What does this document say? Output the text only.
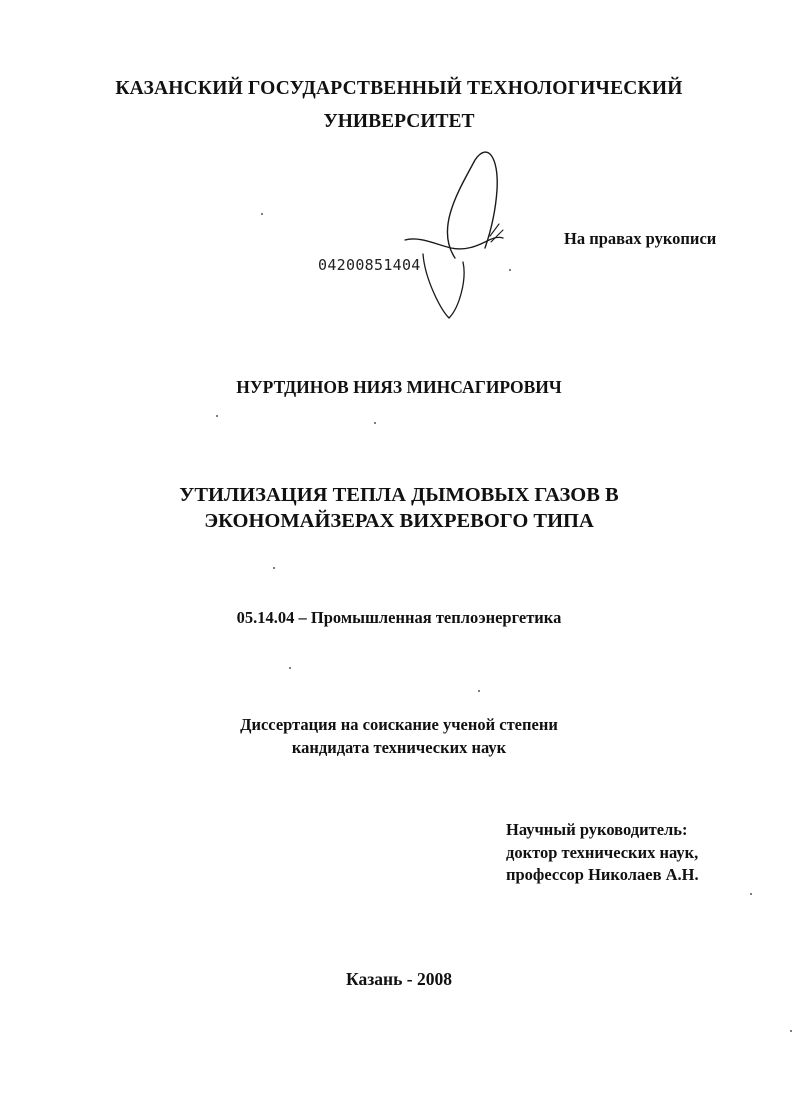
КАЗАНСКИЙ ГОСУДАРСТВЕННЫЙ ТЕХНОЛОГИЧЕСКИЙ

УНИВЕРСИТЕТ

04200851404

На правах рукописи

НУРТДИНОВ НИЯЗ МИНСАГИРОВИЧ

УТИЛИЗАЦИЯ ТЕПЛА ДЫМОВЫХ ГАЗОВ В

ЭКОНОМАЙЗЕРАХ ВИХРЕВОГО ТИПА

05.14.04 – Промышленная теплоэнергетика

Диссертация на соискание ученой степени

кандидата технических наук

Научный руководитель:

доктор технических наук,

профессор Николаев А.Н.

Казань - 2008
